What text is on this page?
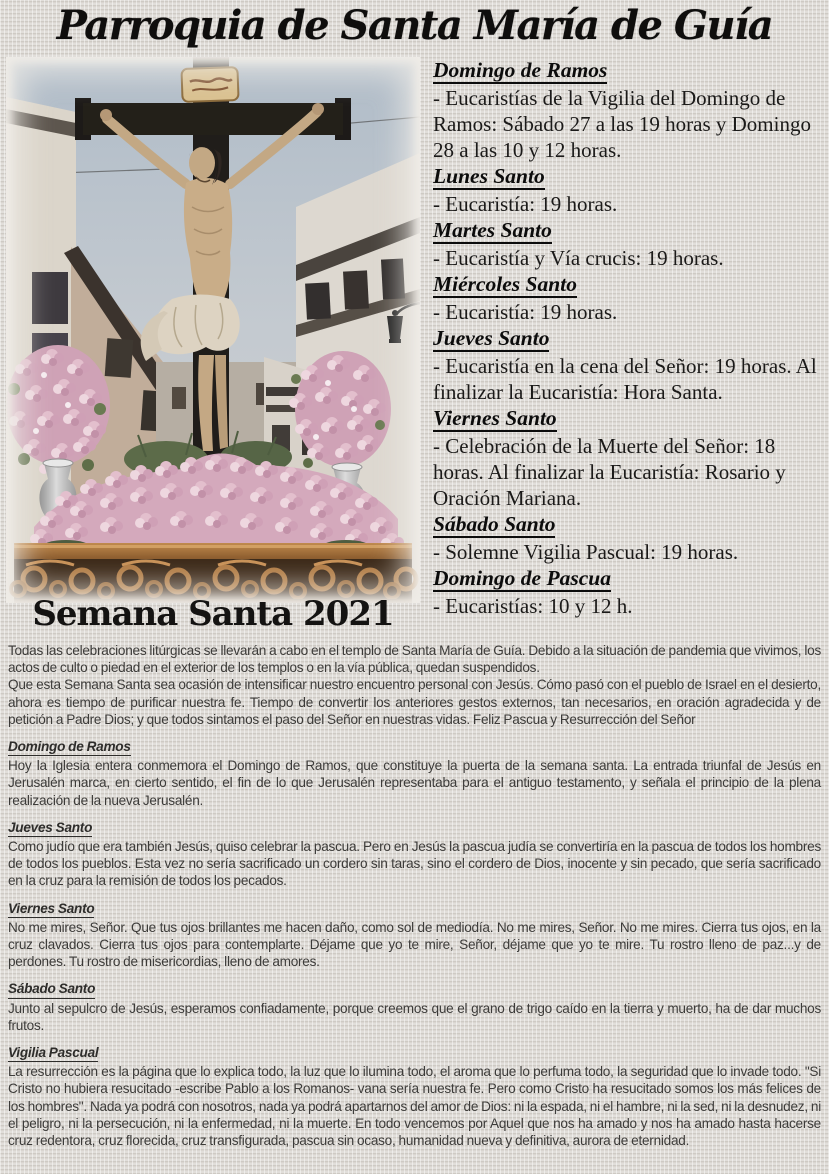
Parroquia de Santa María de Guía
Semana Santa 2021
Domingo de Ramos
- Eucaristías de la Vigilia del Domingo de Ramos: Sábado 27 a las 19 horas y Domingo 28 a las 10 y 12 horas.
Lunes Santo
- Eucaristía: 19 horas.
Martes Santo
- Eucaristía y Vía crucis: 19 horas.
Miércoles Santo
- Eucaristía: 19 horas.
Jueves Santo
- Eucaristía en la cena del Señor: 19 horas. Al finalizar la Eucaristía: Hora Santa.
Viernes Santo
- Celebración de la Muerte del Señor: 18 horas. Al finalizar la Eucaristía: Rosario y Oración Mariana.
Sábado Santo
- Solemne Vigilia Pascual: 19 horas.
Domingo de Pascua
- Eucaristías: 10 y 12 h.

Todas las celebraciones litúrgicas se llevarán a cabo en el templo de Santa María de Guía. Debido a la situación de pandemia que vivimos, los actos de culto o piedad en el exterior de los templos o en la vía pública, quedan suspendidos.

Que esta Semana Santa sea ocasión de intensificar nuestro encuentro personal con Jesús. Cómo pasó con el pueblo de Israel en el desierto, ahora es tiempo de purificar nuestra fe. Tiempo de convertir los anteriores gestos externos, tan necesarios, en oración agradecida y de petición a Padre Dios; y que todos sintamos el paso del Señor en nuestras vidas. Feliz Pascua y Resurrección del Señor

Domingo de Ramos

Hoy la Iglesia entera conmemora el Domingo de Ramos, que constituye la puerta de la semana santa. La entrada triunfal de Jesús en Jerusalén marca, en cierto sentido, el fin de lo que Jerusalén representaba para el antiguo testamento, y señala el principio de la plena realización de la nueva Jerusalén.

Jueves Santo

Como judío que era también Jesús, quiso celebrar la pascua. Pero en Jesús la pascua judía se convertiría en la pascua de todos los hombres de todos los pueblos. Esta vez no sería sacrificado un cordero sin taras, sino el cordero de Dios, inocente y sin pecado, que sería sacrificado en la cruz para la remisión de todos los pecados.

Viernes Santo

No me mires, Señor. Que tus ojos brillantes me hacen daño, como sol de mediodía. No me mires, Señor. No me mires. Cierra tus ojos, en la cruz clavados. Cierra tus ojos para contemplarte. Déjame que yo te mire, Señor, déjame que yo te mire. Tu rostro lleno de paz...y de perdones. Tu rostro de misericordias, lleno de amores.

Sábado Santo

Junto al sepulcro de Jesús, esperamos confiadamente, porque creemos que el grano de trigo caído en la tierra y muerto, ha de dar muchos frutos.

Vigilia Pascual

La resurrección es la página que lo explica todo, la luz que lo ilumina todo, el aroma que lo perfuma todo, la seguridad que lo invade todo. "Si Cristo no hubiera resucitado -escribe Pablo a los Romanos- vana sería nuestra fe. Pero como Cristo ha resucitado somos los más felices de los hombres". Nada ya podrá con nosotros, nada ya podrá apartarnos del amor de Dios: ni la espada, ni el hambre, ni la sed, ni la desnudez, ni el peligro, ni la persecución, ni la enfermedad, ni la muerte. En todo vencemos por Aquel que nos ha amado y nos ha amado hasta hacerse cruz redentora, cruz florecida, cruz transfigurada, pascua sin ocaso, humanidad nueva y definitiva, aurora de eternidad.
